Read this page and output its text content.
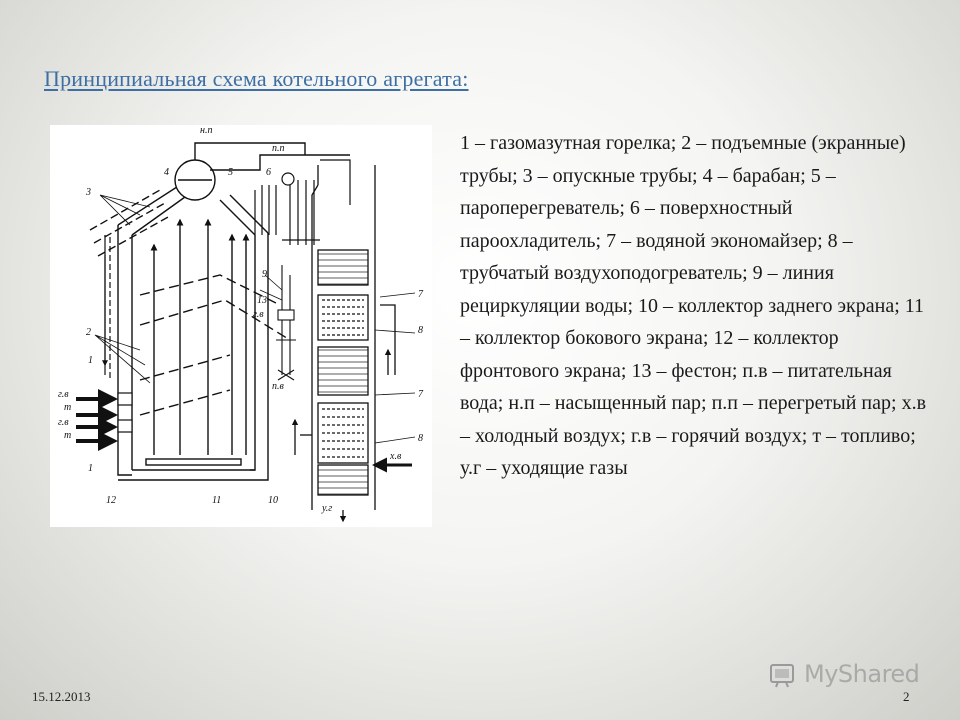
Принципиальная схема котельного агрегата:
н.п
п.п
4	5	6
3
9
13
г.в
2
1
г.в
т
г.в
т
1
п.в
7
8
7
8
х.в
12	11	10
у.г

1 – газомазутная горелка; 2 – подъемные (экранные) трубы; 3 – опускные трубы; 4 – барабан; 5 – пароперегреватель; 6 – поверхностный пароохладитель; 7 – водяной экономайзер; 8 – трубчатый воздухоподогреватель; 9 – линия рециркуляции воды; 10 – коллектор заднего экрана; 11 – коллектор бокового экрана; 12 – коллектор фронтового экрана; 13 – фестон; п.в – питательная вода; н.п – насыщенный пар; п.п – перегретый пар; х.в – холодный воздух; г.в – горячий воздух; т – топливо; у.г – уходящие газы

MyShared
15.12.2013	2
